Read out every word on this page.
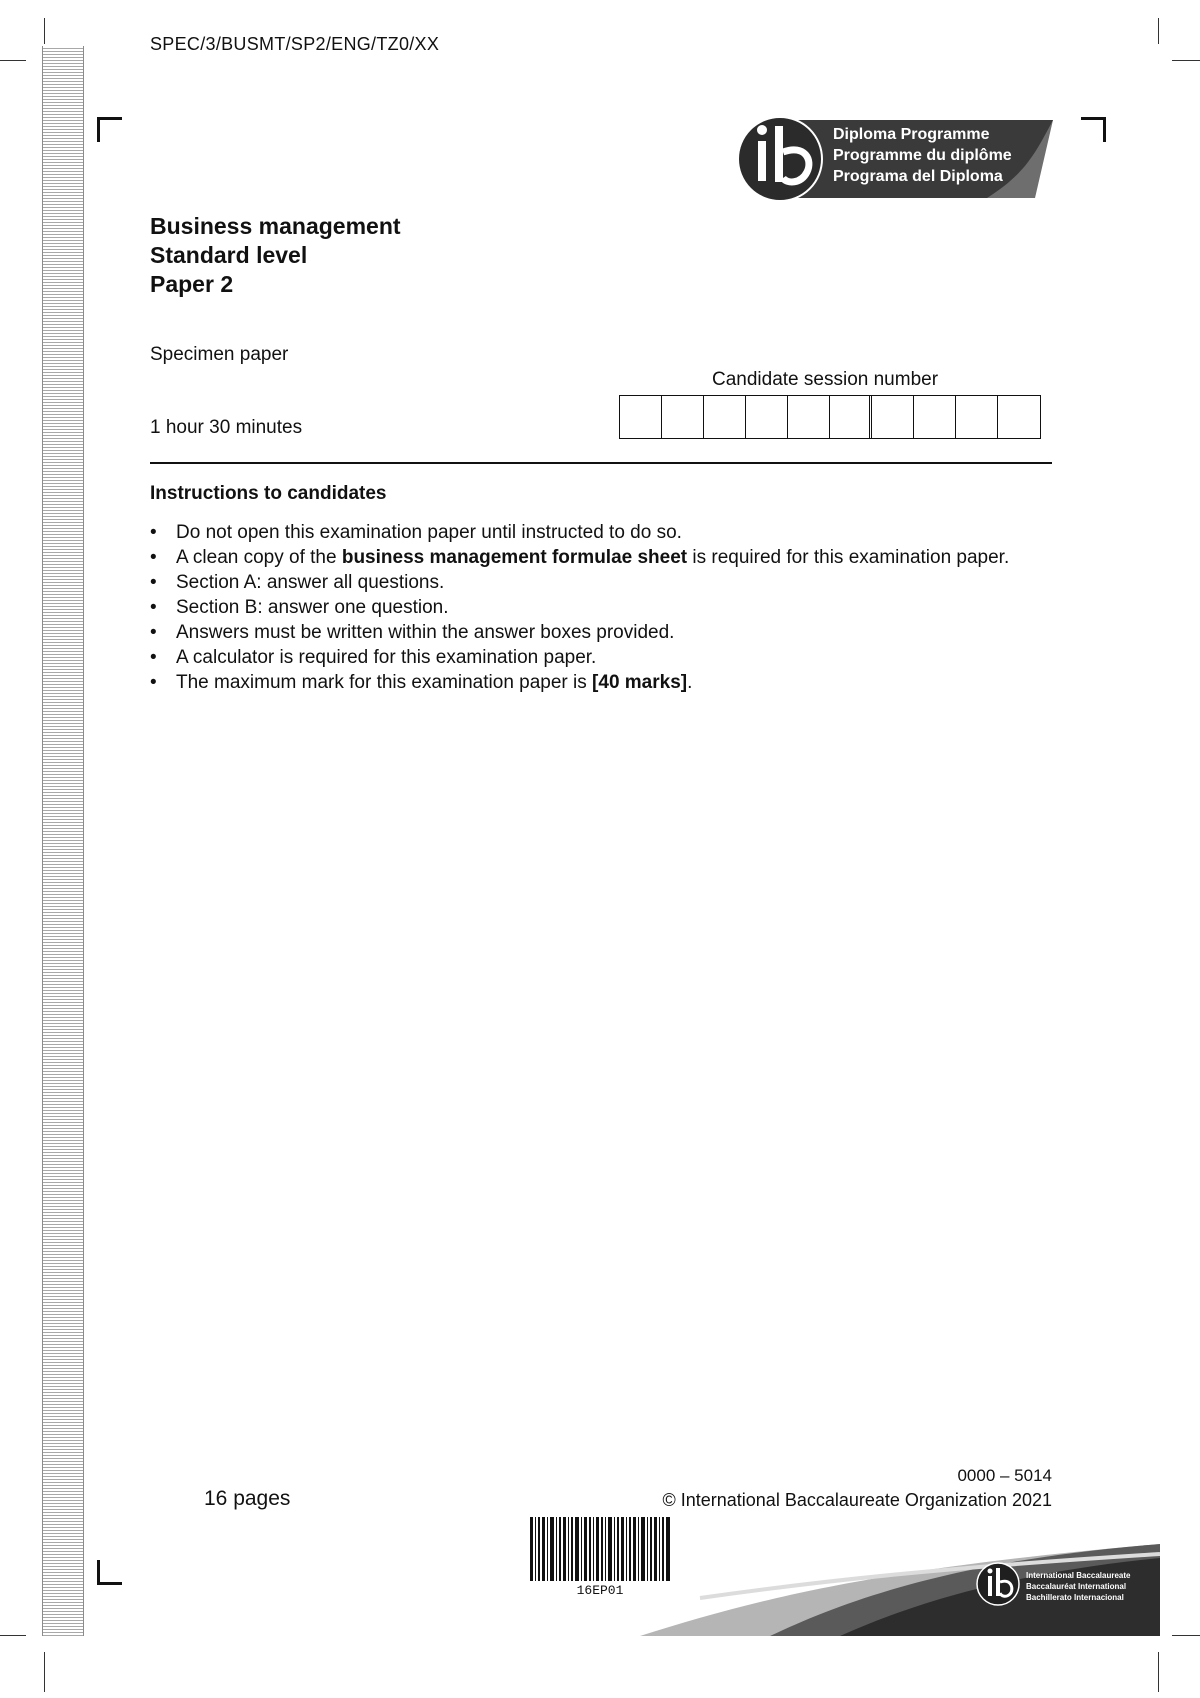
SPEC/3/BUSMT/SP2/ENG/TZ0/XX
Diploma Programme
Programme du diplôme
Programa del Diploma
Business management
Standard level
Paper 2
Specimen paper
1 hour 30 minutes
Candidate session number
Instructions to candidates
• Do not open this examination paper until instructed to do so.
• A clean copy of the business management formulae sheet is required for this examination paper.
• Section A: answer all questions.
• Section B: answer one question.
• Answers must be written within the answer boxes provided.
• A calculator is required for this examination paper.
• The maximum mark for this examination paper is [40 marks].
16 pages
0000 – 5014
© International Baccalaureate Organization 2021
16EP01
International Baccalaureate
Baccalauréat International
Bachillerato Internacional
